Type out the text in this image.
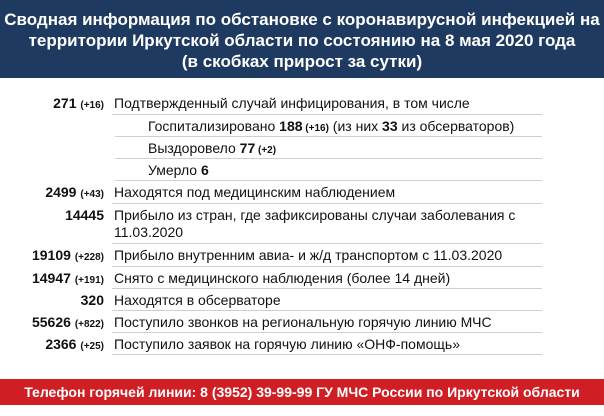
Сводная информация по обстановке с коронавирусной инфекцией на
территории Иркутской области по состоянию на 8 мая 2020 года
(в скобках прирост за сутки)
271 (+16) Подтвержденный случай инфицирования, в том числе
Госпитализировано 188 (+16) (из них 33 из обсерваторов)
Выздоровело 77 (+2)
Умерло 6
2499 (+43) Находятся под медицинским наблюдением
14445 Прибыло из стран, где зафиксированы случаи заболевания с 11.03.2020
19109 (+228) Прибыло внутренним авиа- и ж/д транспортом с 11.03.2020
14947 (+191) Снято с медицинского наблюдения (более 14 дней)
320 Находятся в обсерваторе
55626 (+822) Поступило звонков на региональную горячую линию МЧС
2366 (+25) Поступило заявок на горячую линию «ОНФ-помощь»
Телефон горячей линии: 8 (3952) 39-99-99 ГУ МЧС России по Иркутской области
